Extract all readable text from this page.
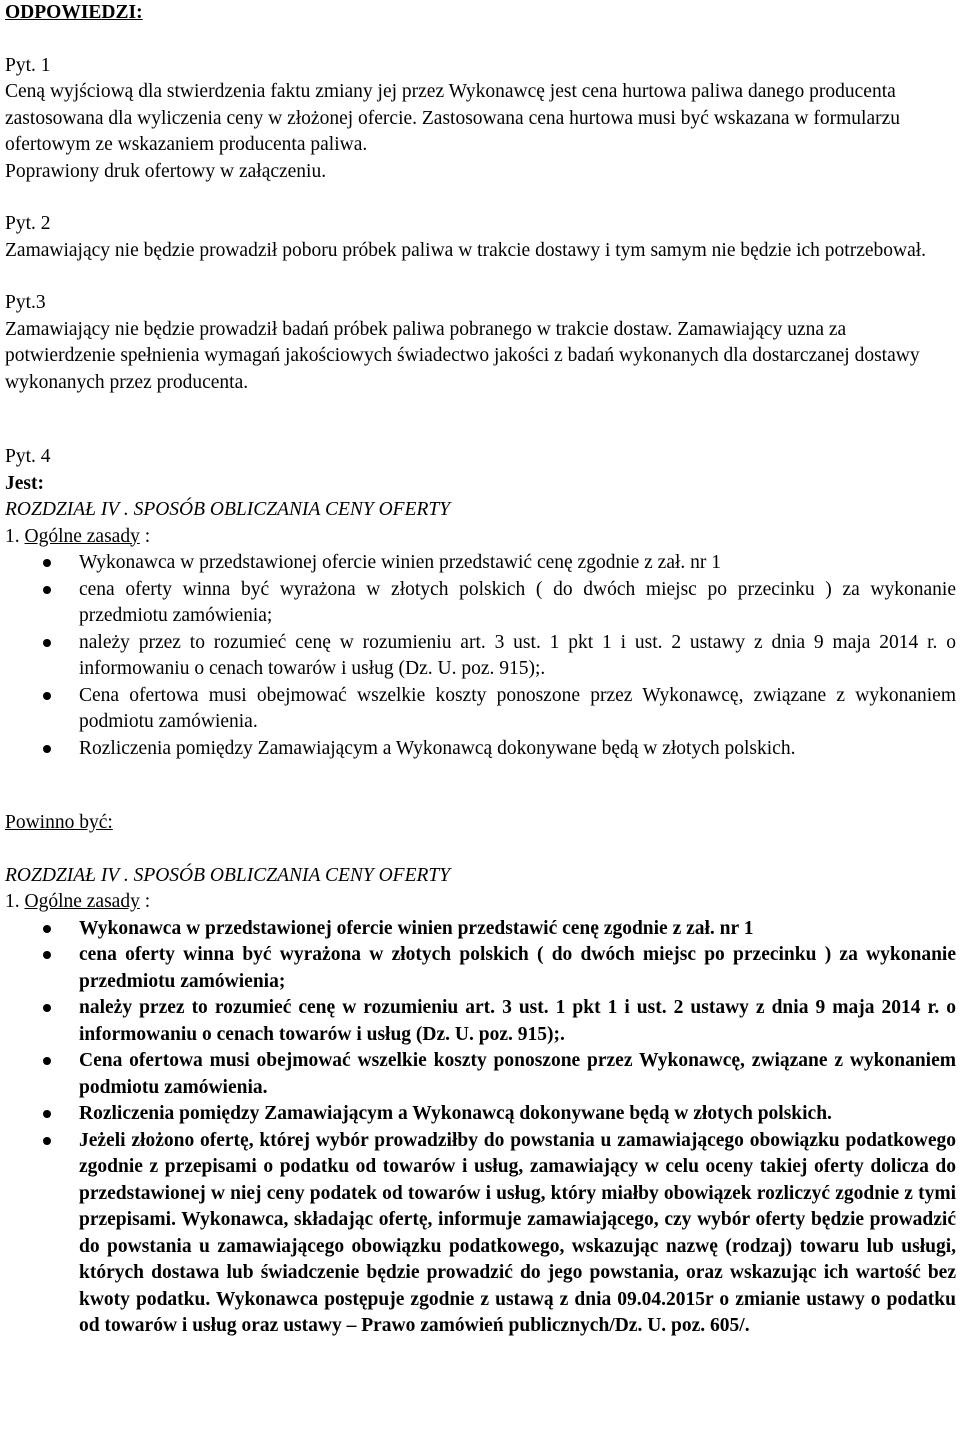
ODPOWIEDZI:
Pyt. 1
Ceną wyjściową dla stwierdzenia faktu zmiany jej przez Wykonawcę jest cena hurtowa paliwa danego producenta zastosowana dla wyliczenia ceny w złożonej ofercie. Zastosowana cena hurtowa musi być wskazana w formularzu ofertowym ze wskazaniem producenta paliwa.
Poprawiony druk ofertowy w załączeniu.
Pyt. 2
Zamawiający nie będzie prowadził poboru próbek paliwa w trakcie dostawy i tym samym nie będzie ich potrzebował.
Pyt.3
Zamawiający nie będzie prowadził badań próbek paliwa pobranego w trakcie dostaw. Zamawiający uzna za potwierdzenie spełnienia wymagań jakościowych świadectwo jakości z badań wykonanych dla dostarczanej dostawy wykonanych przez producenta.
Pyt. 4
Jest:
ROZDZIAŁ IV . SPOSÓB OBLICZANIA CENY OFERTY
1. Ogólne zasady :
Wykonawca w przedstawionej ofercie winien przedstawić cenę zgodnie z zał. nr 1
cena oferty winna być wyrażona w złotych polskich ( do dwóch miejsc po przecinku ) za wykonanie przedmiotu zamówienia;
należy przez to rozumieć cenę w rozumieniu art. 3 ust. 1 pkt 1 i ust. 2 ustawy z dnia 9 maja 2014 r. o informowaniu o cenach towarów i usług (Dz. U. poz. 915);.
Cena ofertowa musi obejmować wszelkie koszty ponoszone przez Wykonawcę, związane z wykonaniem podmiotu zamówienia.
Rozliczenia pomiędzy Zamawiającym a Wykonawcą dokonywane będą w złotych polskich.
Powinno być:
ROZDZIAŁ IV . SPOSÓB OBLICZANIA CENY OFERTY
1. Ogólne zasady :
Wykonawca w przedstawionej ofercie winien przedstawić cenę zgodnie z zał. nr 1
cena oferty winna być wyrażona w złotych polskich ( do dwóch miejsc po przecinku ) za wykonanie przedmiotu zamówienia;
należy przez to rozumieć cenę w rozumieniu art. 3 ust. 1 pkt 1 i ust. 2 ustawy z dnia 9 maja 2014 r. o informowaniu o cenach towarów i usług (Dz. U. poz. 915);.
Cena ofertowa musi obejmować wszelkie koszty ponoszone przez Wykonawcę, związane z wykonaniem podmiotu zamówienia.
Rozliczenia pomiędzy Zamawiającym a Wykonawcą dokonywane będą w złotych polskich.
Jeżeli złożono ofertę, której wybór prowadziłby do powstania u zamawiającego obowiązku podatkowego zgodnie z przepisami o podatku od towarów i usług, zamawiający w celu oceny takiej oferty dolicza do przedstawionej w niej ceny podatek od towarów i usług, który miałby obowiązek rozliczyć zgodnie z tymi przepisami. Wykonawca, składając ofertę, informuje zamawiającego, czy wybór oferty będzie prowadzić do powstania u zamawiającego obowiązku podatkowego, wskazując nazwę (rodzaj) towaru lub usługi, których dostawa lub świadczenie będzie prowadzić do jego powstania, oraz wskazując ich wartość bez kwoty podatku. Wykonawca postępuje zgodnie z ustawą z dnia 09.04.2015r o zmianie ustawy o podatku od towarów i usług oraz ustawy – Prawo zamówień publicznych/Dz. U. poz. 605/.
